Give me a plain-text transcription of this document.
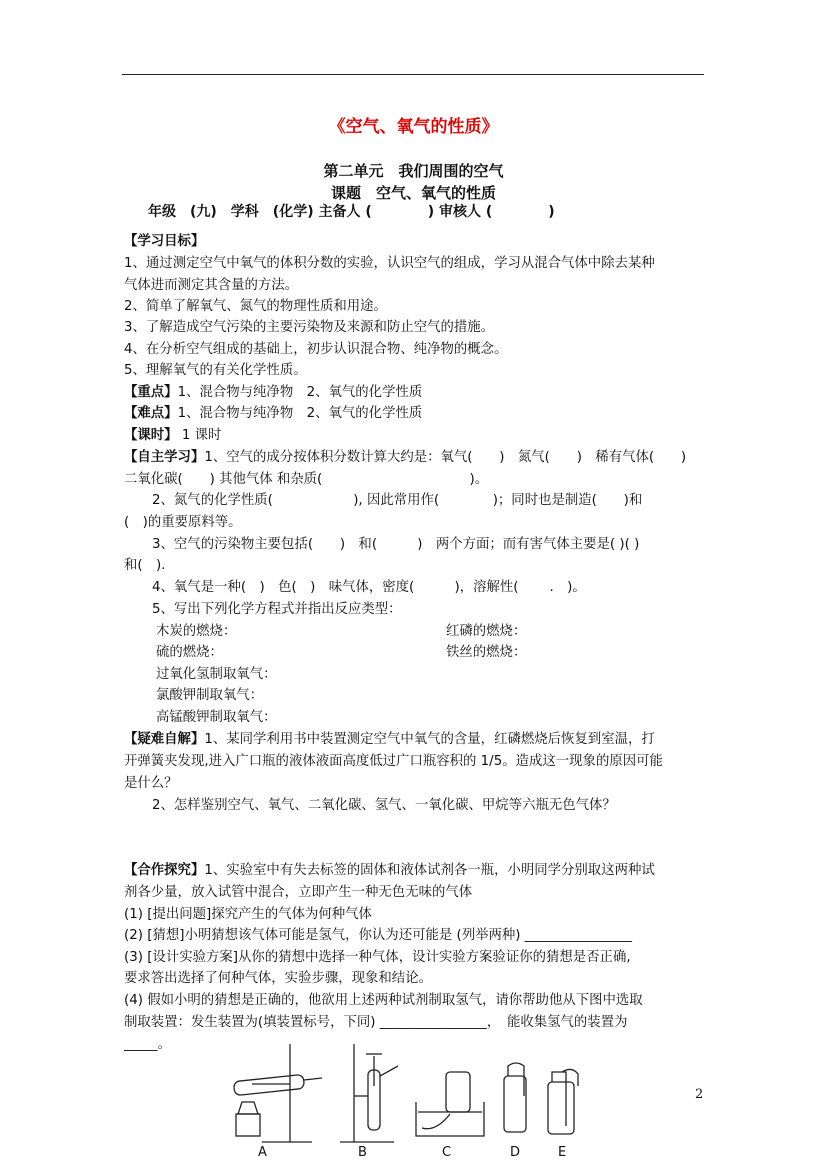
《空气、氧气的性质》
第二单元　我们周围的空气
课题　空气、氧气的性质
年级　(九)　学科　(化学) 主备人 (　　　　) 审核人 (　　　　)
【学习目标】
1、通过测定空气中氧气的体积分数的实验，认识空气的组成，学习从混合气体中除去某种
气体进而测定其含量的方法。
2、简单了解氧气、氮气的物理性质和用途。
3、了解造成空气污染的主要污染物及来源和防止空气的措施。
4、在分析空气组成的基础上，初步认识混合物、纯净物的概念。
5、理解氧气的有关化学性质。
【重点】1、混合物与纯净物　2、氧气的化学性质
【难点】1、混合物与纯净物　2、氧气的化学性质
【课时】 1 课时
【自主学习】1、空气的成分按体积分数计算大约是：氧气(　　)　氮气(　　)　稀有气体(　　)
二氧化碳(　　) 其他气体 和杂质(　　　　　　　　　　　)。
2、氮气的化学性质(　　　　　　), 因此常用作(　　　　)；同时也是制造(　　)和
(　)的重要原料等。
3、空气的污染物主要包括(　　)　和(　　　)　两个方面；而有害气体主要是( )( )
和(　).
4、氧气是一种(　)　色(　)　味气体，密度(　　　)，溶解性(　　 .　)。
5、写出下列化学方程式并指出反应类型：
木炭的燃烧：	红磷的燃烧：
硫的燃烧：	铁丝的燃烧：
过氧化氢制取氧气：
氯酸钾制取氧气：
高锰酸钾制取氧气：
【疑难自解】1、某同学利用书中装置测定空气中氧气的含量，红磷燃烧后恢复到室温，打
开弹簧夹发现,进入广口瓶的液体液面高度低过广口瓶容积的 1/5。造成这一现象的原因可能
是什么？
2、怎样鉴别空气、氧气、二氧化碳、氢气、一氧化碳、甲烷等六瓶无色气体？
【合作探究】1、实验室中有失去标签的固体和液体试剂各一瓶，小明同学分别取这两种试
剂各少量，放入试管中混合，立即产生一种无色无味的气体
(1) [提出问题]探究产生的气体为何种气体
(2) [猜想]小明猜想该气体可能是氢气，你认为还可能是 (列举两种) ________________
(3) [设计实验方案]从你的猜想中选择一种气体，设计实验方案验证你的猜想是否正确,
要求答出选择了何种气体，实验步骤，现象和结论。
(4) 假如小明的猜想是正确的，他欲用上述两种试剂制取氢气，请你帮助他从下图中选取
制取装置：发生装置为(填装置标号，下同) ________________，　能收集氢气的装置为
_____。
A	B	C	D	E
2
